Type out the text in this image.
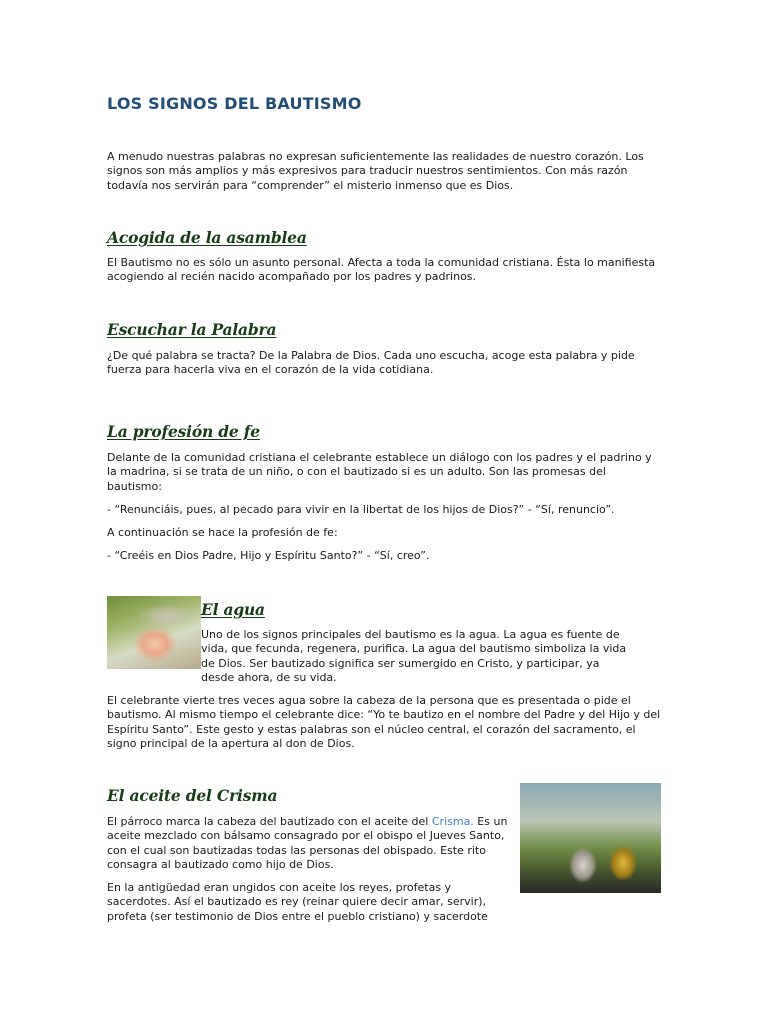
LOS SIGNOS DEL BAUTISMO

A menudo nuestras palabras no expresan suficientemente las realidades de nuestro corazón. Los signos son más amplios y más expresivos para traducir nuestros sentimientos. Con más razón todavía nos servirán para “comprender” el misterio inmenso que es Dios.

Acogida de la asamblea

El Bautismo no es sólo un asunto personal. Afecta a toda la comunidad cristiana. Ésta lo manifiesta acogiendo al recién nacido acompañado por los padres y padrinos.

Escuchar la Palabra

¿De qué palabra se tracta? De la Palabra de Dios. Cada uno escucha, acoge esta palabra y pide fuerza para hacerla viva en el corazón de la vida cotidiana.

La profesión de fe

Delante de la comunidad cristiana el celebrante establece un diálogo con los padres y el padrino y la madrina, si se trata de un niño, o con el bautizado si es un adulto. Son las promesas del bautismo:

- “Renunciáis, pues, al pecado para vivir en la libertat de los hijos de Dios?” - “Sí, renuncio”.

A continuación se hace la profesión de fe:

- “Creéis en Dios Padre, Hijo y Espíritu Santo?” - “Sí, creo”.

El agua

Uno de los signos principales del bautismo es la agua. La agua es fuente de vida, que fecunda, regenera, purifica. La agua del bautismo simboliza la vida de Dios. Ser bautizado significa ser sumergido en Cristo, y participar, ya desde ahora, de su vida.

El celebrante vierte tres veces agua sobre la cabeza de la persona que es presentada o pide el bautismo. Al mismo tiempo el celebrante dice: “Yo te bautizo en el nombre del Padre y del Hijo y del Espíritu Santo”. Este gesto y estas palabras son el núcleo central, el corazón del sacramento, el signo principal de la apertura al don de Dios.

El aceite del Crisma

El párroco marca la cabeza del bautizado con el aceite del Crisma. Es un aceite mezclado con bálsamo consagrado por el obispo el Jueves Santo, con el cual son bautizadas todas las personas del obispado. Este rito consagra al bautizado como hijo de Dios.

En la antigüedad eran ungidos con aceite los reyes, profetas y sacerdotes. Así el bautizado es rey (reinar quiere decir amar, servir), profeta (ser testimonio de Dios entre el pueblo cristiano) y sacerdote
